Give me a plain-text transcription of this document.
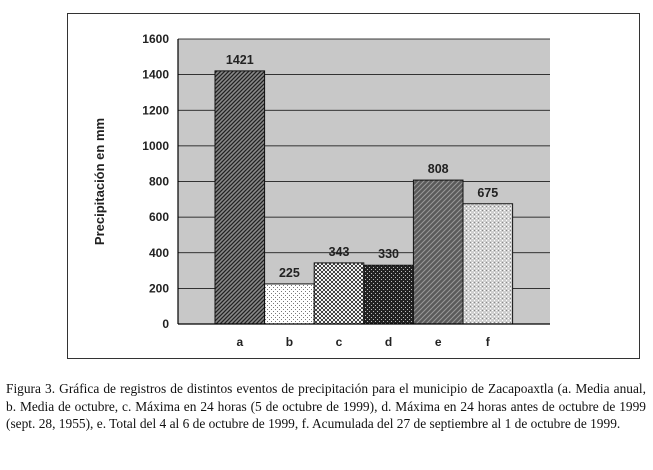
0
200
400
600
800
1000
1200
1400
1600
a	b	c	d	e	f
1421
225
343 330
808
675
Precipitación en mm
Figura 3. Gráfica de registros de distintos eventos de precipitación para el municipio de Zacapoaxtla (a. Media anual, b. Media de octubre, c. Máxima en 24 horas (5 de octubre de 1999), d. Máxima en 24 horas antes de octubre de 1999 (sept. 28, 1955), e. Total del 4 al 6 de octubre de 1999, f. Acumulada del 27 de septiembre al 1 de octubre de 1999.
